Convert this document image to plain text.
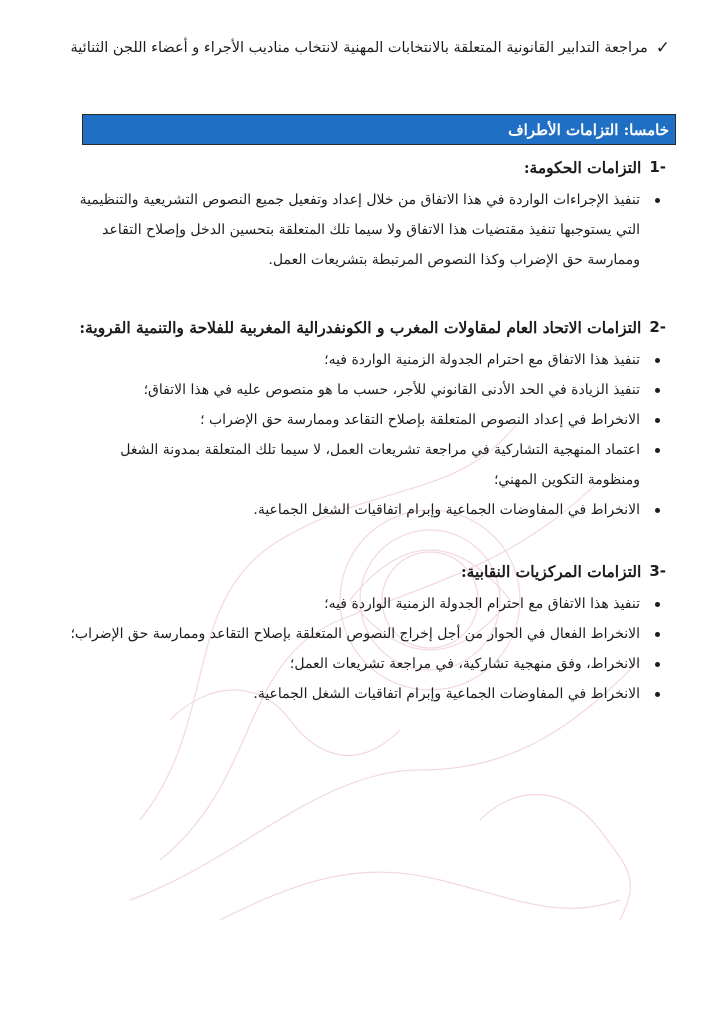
✓
مراجعة التدابير القانونية المتعلقة بالانتخابات المهنية لانتخاب مناديب الأجراء و أعضاء اللجن الثنائية
خامسا: التزامات الأطراف
-1
التزامات الحكومة:
تنفيذ الإجراءات الواردة في هذا الاتفاق من خلال إعداد وتفعيل جميع النصوص التشريعية والتنظيمية التي يستوجبها تنفيذ مقتضيات هذا الاتفاق ولا سيما تلك المتعلقة بتحسين الدخل وإصلاح التقاعد وممارسة حق الإضراب وكذا النصوص المرتبطة بتشريعات العمل.
-2
التزامات الاتحاد العام لمقاولات المغرب و الكونفدرالية المغربية للفلاحة والتنمية القروية:
تنفيذ هذا الاتفاق مع احترام الجدولة الزمنية الواردة فيه؛
تنفيذ الزيادة في الحد الأدنى القانوني للأجر، حسب ما هو منصوص عليه في هذا الاتفاق؛
الانخراط في إعداد النصوص المتعلقة بإصلاح التقاعد وممارسة حق الإضراب ؛
اعتماد المنهجية التشاركية في مراجعة تشريعات العمل، لا سيما تلك المتعلقة بمدونة الشغل ومنظومة التكوين المهني؛
الانخراط في المفاوضات الجماعية وإبرام اتفاقيات الشغل الجماعية.
-3
التزامات المركزيات النقابية:
تنفيذ هذا الاتفاق مع احترام الجدولة الزمنية الواردة فيه؛
الانخراط الفعال في الحوار من أجل إخراج النصوص المتعلقة بإصلاح التقاعد وممارسة حق الإضراب؛
الانخراط، وفق منهجية تشاركية، في مراجعة تشريعات العمل؛
الانخراط في المفاوضات الجماعية وإبرام اتفاقيات الشغل الجماعية.
